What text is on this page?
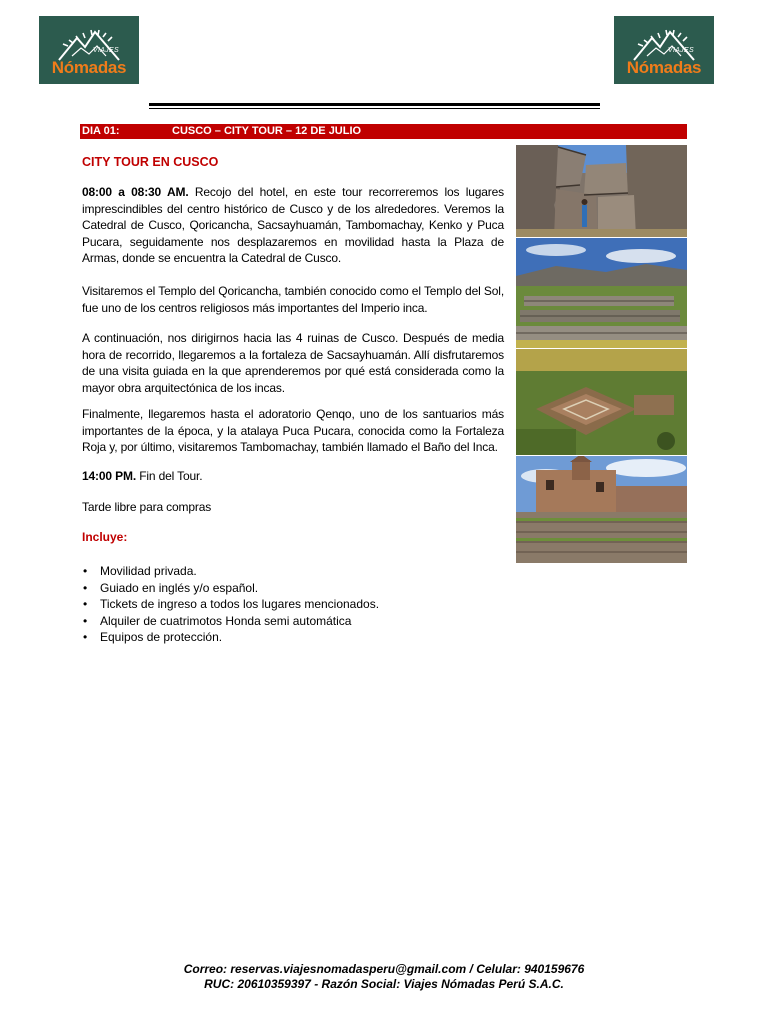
VIAJES
Nómadas
VIAJES
Nómadas
DIA 01:	CUSCO – CITY TOUR – 12 DE JULIO
CITY TOUR EN CUSCO
08:00 a 08:30 AM. Recojo del hotel, en este tour recorreremos los lugares imprescindibles del centro histórico de Cusco y de los alrededores. Veremos la Catedral de Cusco, Qoricancha, Sacsayhuamán, Tambomachay, Kenko y Puca Pucara, seguidamente nos desplazaremos en movilidad hasta la Plaza de Armas, donde se encuentra la Catedral de Cusco.
Visitaremos el Templo del Qoricancha, también conocido como el Templo del Sol, fue uno de los centros religiosos más importantes del Imperio inca.
A continuación, nos dirigirnos hacia las 4 ruinas de Cusco. Después de media hora de recorrido, llegaremos a la fortaleza de Sacsayhuamán. Allí disfrutaremos de una visita guiada en la que aprenderemos por qué está considerada como la mayor obra arquitectónica de los incas.
Finalmente, llegaremos hasta el adoratorio Qenqo, uno de los santuarios más importantes de la época, y la atalaya Puca Pucara, conocida como la Fortaleza Roja y, por último, visitaremos Tambomachay, también llamado el Baño del Inca.
14:00 PM. Fin del Tour.
Tarde libre para compras
Incluye:
• Movilidad privada.
• Guiado en inglés y/o español.
• Tickets de ingreso a todos los lugares mencionados.
• Alquiler de cuatrimotos Honda semi automática
• Equipos de protección.
Correo: reservas.viajesnomadasperu@gmail.com / Celular: 940159676
RUC: 20610359397 - Razón Social: Viajes Nómadas Perú S.A.C.
